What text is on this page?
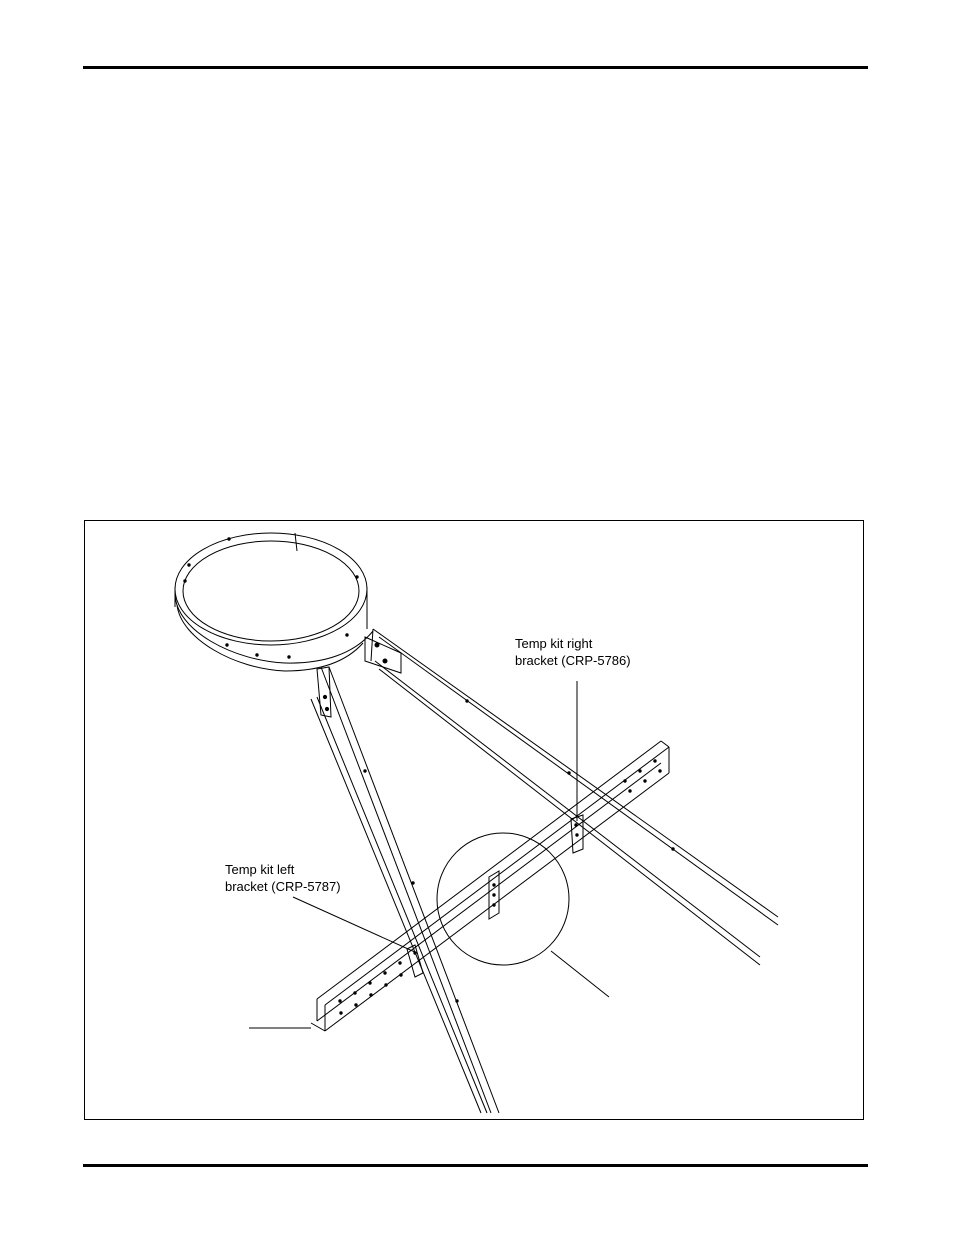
Temp kit right
bracket (CRP-5786)
Temp kit left
bracket (CRP-5787)
